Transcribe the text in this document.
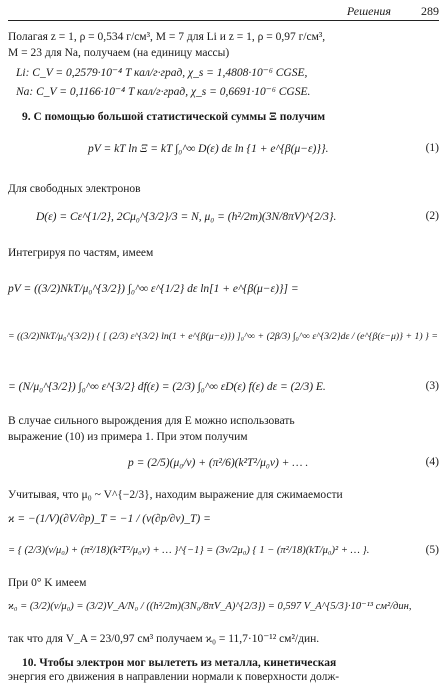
Решения	289
Полагая z = 1, ρ = 0,534 г/см³, M = 7 для Li и z = 1, ρ = 0,97 г/см³,
M = 23 для Na, получаем (на единицу массы)
Li: C_V = 0,2579·10⁻⁴ T кал/г·град, χ_s = 1,4808·10⁻⁶ CGSE,
Na: C_V = 0,1166·10⁻⁴ T кал/г·град, χ_s = 0,6691·10⁻⁶ CGSE.
9. С помощью большой статистической суммы Ξ получим
pV = kT ln Ξ = kT ∫₀^∞ D(ε) dε ln {1 + e^{β(μ−ε)}}.	(1)
Для свободных электронов
D(ε) = Cε^{1/2}, 2Cμ₀^{3/2}/3 = N, μ₀ = (h²/2m)(3N/8πV)^{2/3}.	(2)
Интегрируя по частям, имеем
pV = ((3/2)NkT/μ₀^{3/2}) ∫₀^∞ ε^{1/2} dε ln[1 + e^{β(μ−ε)}] =
= ((3/2)NkT/μ₀^{3/2}) { [ (2/3) ε^{3/2} ln(1 + e^{β(μ−ε)}) ]₀^∞ + (2β/3) ∫₀^∞ ε^{3/2}dε / (e^{β(ε−μ)} + 1) } =
= (N/μ₀^{3/2}) ∫₀^∞ ε^{3/2} df(ε) = (2/3) ∫₀^∞ εD(ε) f(ε) dε = (2/3) E.	(3)
В случае сильного вырождения для E можно использовать
выражение (10) из примера 1. При этом получим
p = (2/5)(μ₀/v) + (π²/6)(k²T²/μ₀v) + … .	(4)
Учитывая, что μ₀ ~ V^{−2/3}, находим выражение для сжимаемости
ϰ = −(1/V)(∂V/∂p)_T = −1 / (v(∂p/∂v)_T) =
= { (2/3)(v/μ₀) + (π²/18)(k²T²/μ₀v) + … }^{−1} = (3v/2μ₀) { 1 − (π²/18)(kT/μ₀)² + … }.	(5)
При 0° K имеем
ϰ₀ = (3/2)(v/μ₀) = (3/2)V_A/N₀ / ((h²/2m)(3N₀/8πV_A)^{2/3}) = 0,597 V_A^{5/3}·10⁻¹³ см²/дин,
так что для V_A = 23/0,97 см³ получаем ϰ₀ = 11,7·10⁻¹² см²/дин.
10. Чтобы электрон мог вылететь из металла, кинетическая
энергия его движения в направлении нормали к поверхности долж-
